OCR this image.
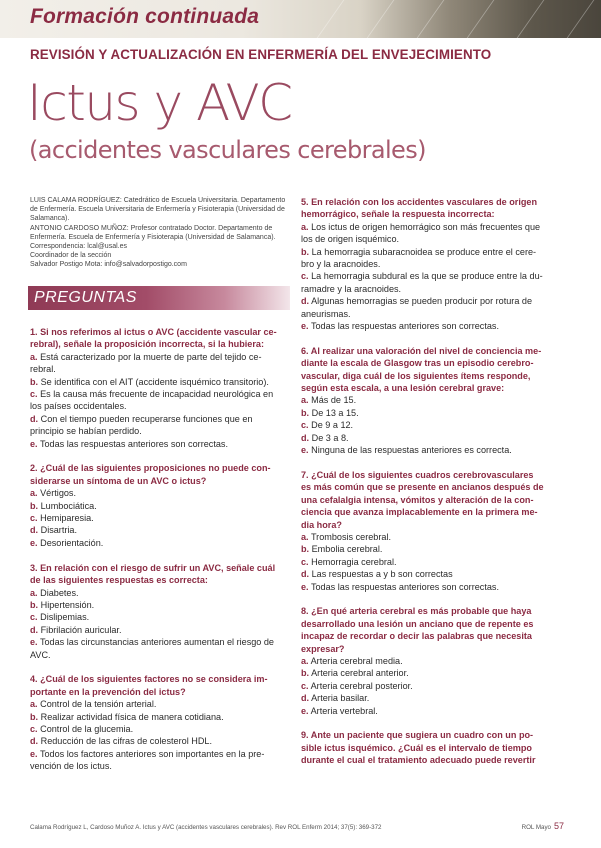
Formación continuada
REVISIÓN Y ACTUALIZACIÓN EN ENFERMERÍA DEL ENVEJECIMIENTO
Ictus y AVC
(accidentes vasculares cerebrales)

LUIS CALAMA RODRÍGUEZ: Catedrático de Escuela Universitaria. Departamento

de Enfermería. Escuela Universitaria de Enfermería y Fisioterapia (Universidad de

Salamanca).

ANTONIO CARDOSO MUÑOZ: Profesor contratado Doctor. Departamento de

Enfermería. Escuela de Enfermería y Fisioterapia (Universidad de Salamanca).

Correspondencia: lcal@usal.es

Coordinador de la sección

Salvador Postigo Mota: info@salvadorpostigo.com

PREGUNTAS
1. Si nos referimos al ictus o AVC (accidente vascular ce-
rebral), señale la proposición incorrecta, si la hubiera:
a. Está caracterizado por la muerte de parte del tejido ce-
rebral.
b. Se identifica con el AIT (accidente isquémico transitorio).
c. Es la causa más frecuente de incapacidad neurológica en
los países occidentales.
d. Con el tiempo pueden recuperarse funciones que en
principio se habían perdido.
e. Todas las respuestas anteriores son correctas.
2. ¿Cuál de las siguientes proposiciones no puede con-
siderarse un síntoma de un AVC o ictus?
a. Vértigos.
b. Lumbociática.
c. Hemiparesia.
d. Disartria.
e. Desorientación.
3. En relación con el riesgo de sufrir un AVC, señale cuál
de las siguientes respuestas es correcta:
a. Diabetes.
b. Hipertensión.
c. Dislipemias.
d. Fibrilación auricular.
e. Todas las circunstancias anteriores aumentan el riesgo de
AVC.
4. ¿Cuál de los siguientes factores no se considera im-
portante en la prevención del ictus?
a. Control de la tensión arterial.
b. Realizar actividad física de manera cotidiana.
c. Control de la glucemia.
d. Reducción de las cifras de colesterol HDL.
e. Todos los factores anteriores son importantes en la pre-
vención de los ictus.
5. En relación con los accidentes vasculares de origen
hemorrágico, señale la respuesta incorrecta:
a. Los ictus de origen hemorrágico son más frecuentes que
los de origen isquémico.
b. La hemorragia subaracnoidea se produce entre el cere-
bro y la aracnoides.
c. La hemorragia subdural es la que se produce entre la du-
ramadre y la aracnoides.
d. Algunas hemorragias se pueden producir por rotura de
aneurismas.
e. Todas las respuestas anteriores son correctas.
6. Al realizar una valoración del nivel de conciencia me-
diante la escala de Glasgow tras un episodio cerebro-
vascular, diga cuál de los siguientes ítems responde,
según esta escala, a una lesión cerebral grave:
a. Más de 15.
b. De 13 a 15.
c. De 9 a 12.
d. De 3 a 8.
e. Ninguna de las respuestas anteriores es correcta.
7. ¿Cuál de los siguientes cuadros cerebrovasculares
es más común que se presente en ancianos después de
una cefalalgia intensa, vómitos y alteración de la con-
ciencia que avanza implacablemente en la primera me-
dia hora?
a. Trombosis cerebral.
b. Embolia cerebral.
c. Hemorragia cerebral.
d. Las respuestas a y b son correctas
e. Todas las respuestas anteriores son correctas.
8. ¿En qué arteria cerebral es más probable que haya
desarrollado una lesión un anciano que de repente es
incapaz de recordar o decir las palabras que necesita
expresar?
a. Arteria cerebral media.
b. Arteria cerebral anterior.
c. Arteria cerebral posterior.
d. Arteria basilar.
e. Arteria vertebral.
9. Ante un paciente que sugiera un cuadro con un po-
sible ictus isquémico. ¿Cuál es el intervalo de tiempo
durante el cual el tratamiento adecuado puede revertir
Calama Rodríguez L, Cardoso Muñoz A. Ictus y AVC (accidentes vasculares cerebrales). Rev ROL Enferm 2014; 37(5): 369-372	ROL Mayo 57
